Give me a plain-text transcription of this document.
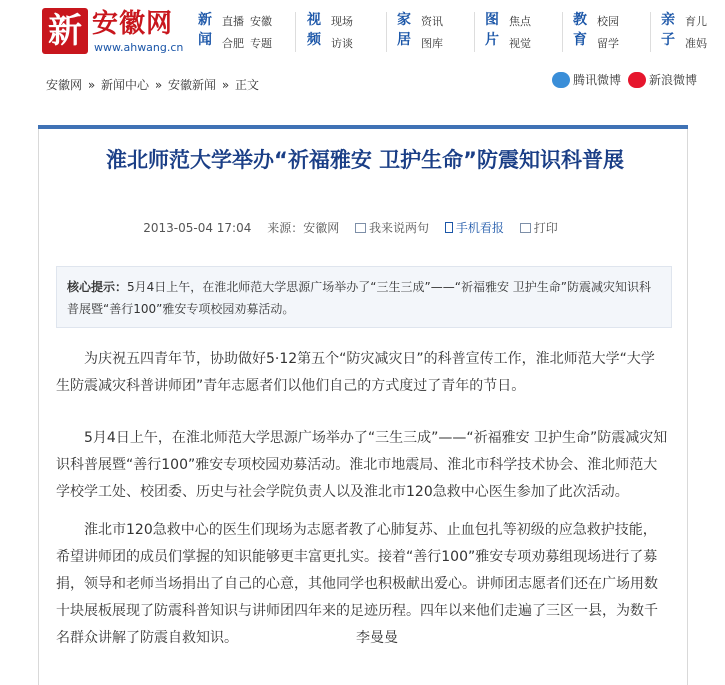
新 安徽网
www.ahwang.cn
新闻
直播 安徽 合肥 专题
视频
现场 访谈
家居
资讯 图库
图片
焦点 视觉
教育
校园 留学
亲子
育儿 准妈
安徽网 » 新闻中心 » 安徽新闻 » 正文	腾讯微博 新浪微博
淮北师范大学举办“祈福雅安 卫护生命”防震知识科普展
2013-05-04 17:04 来源：安徽网 我来说两句 手机看报 打印
核心提示：5月4日上午，在淮北师范大学思源广场举办了“三生三成”——“祈福雅安 卫护生命”防震减灾知识科普展暨“善行100”雅安专项校园劝募活动。

为庆祝五四青年节，协助做好5·12第五个“防灾减灾日”的科普宣传工作，淮北师范大学“大学生防震减灾科普讲师团”青年志愿者们以他们自己的方式度过了青年的节日。

5月4日上午，在淮北师范大学思源广场举办了“三生三成”——“祈福雅安 卫护生命”防震减灾知识科普展暨“善行100”雅安专项校园劝募活动。淮北市地震局、淮北市科学技术协会、淮北师范大学校学工处、校团委、历史与社会学院负责人以及淮北市120急救中心医生参加了此次活动。

淮北市120急救中心的医生们现场为志愿者教了心肺复苏、止血包扎等初级的应急救护技能，希望讲师团的成员们掌握的知识能够更丰富更扎实。接着“善行100”雅安专项劝募组现场进行了募捐，领导和老师当场捐出了自己的心意，其他同学也积极献出爱心。讲师团志愿者们还在广场用数十块展板展现了防震科普知识与讲师团四年来的足迹历程。四年以来他们走遍了三区一县，为数千名群众讲解了防震自救知识。	李曼曼
